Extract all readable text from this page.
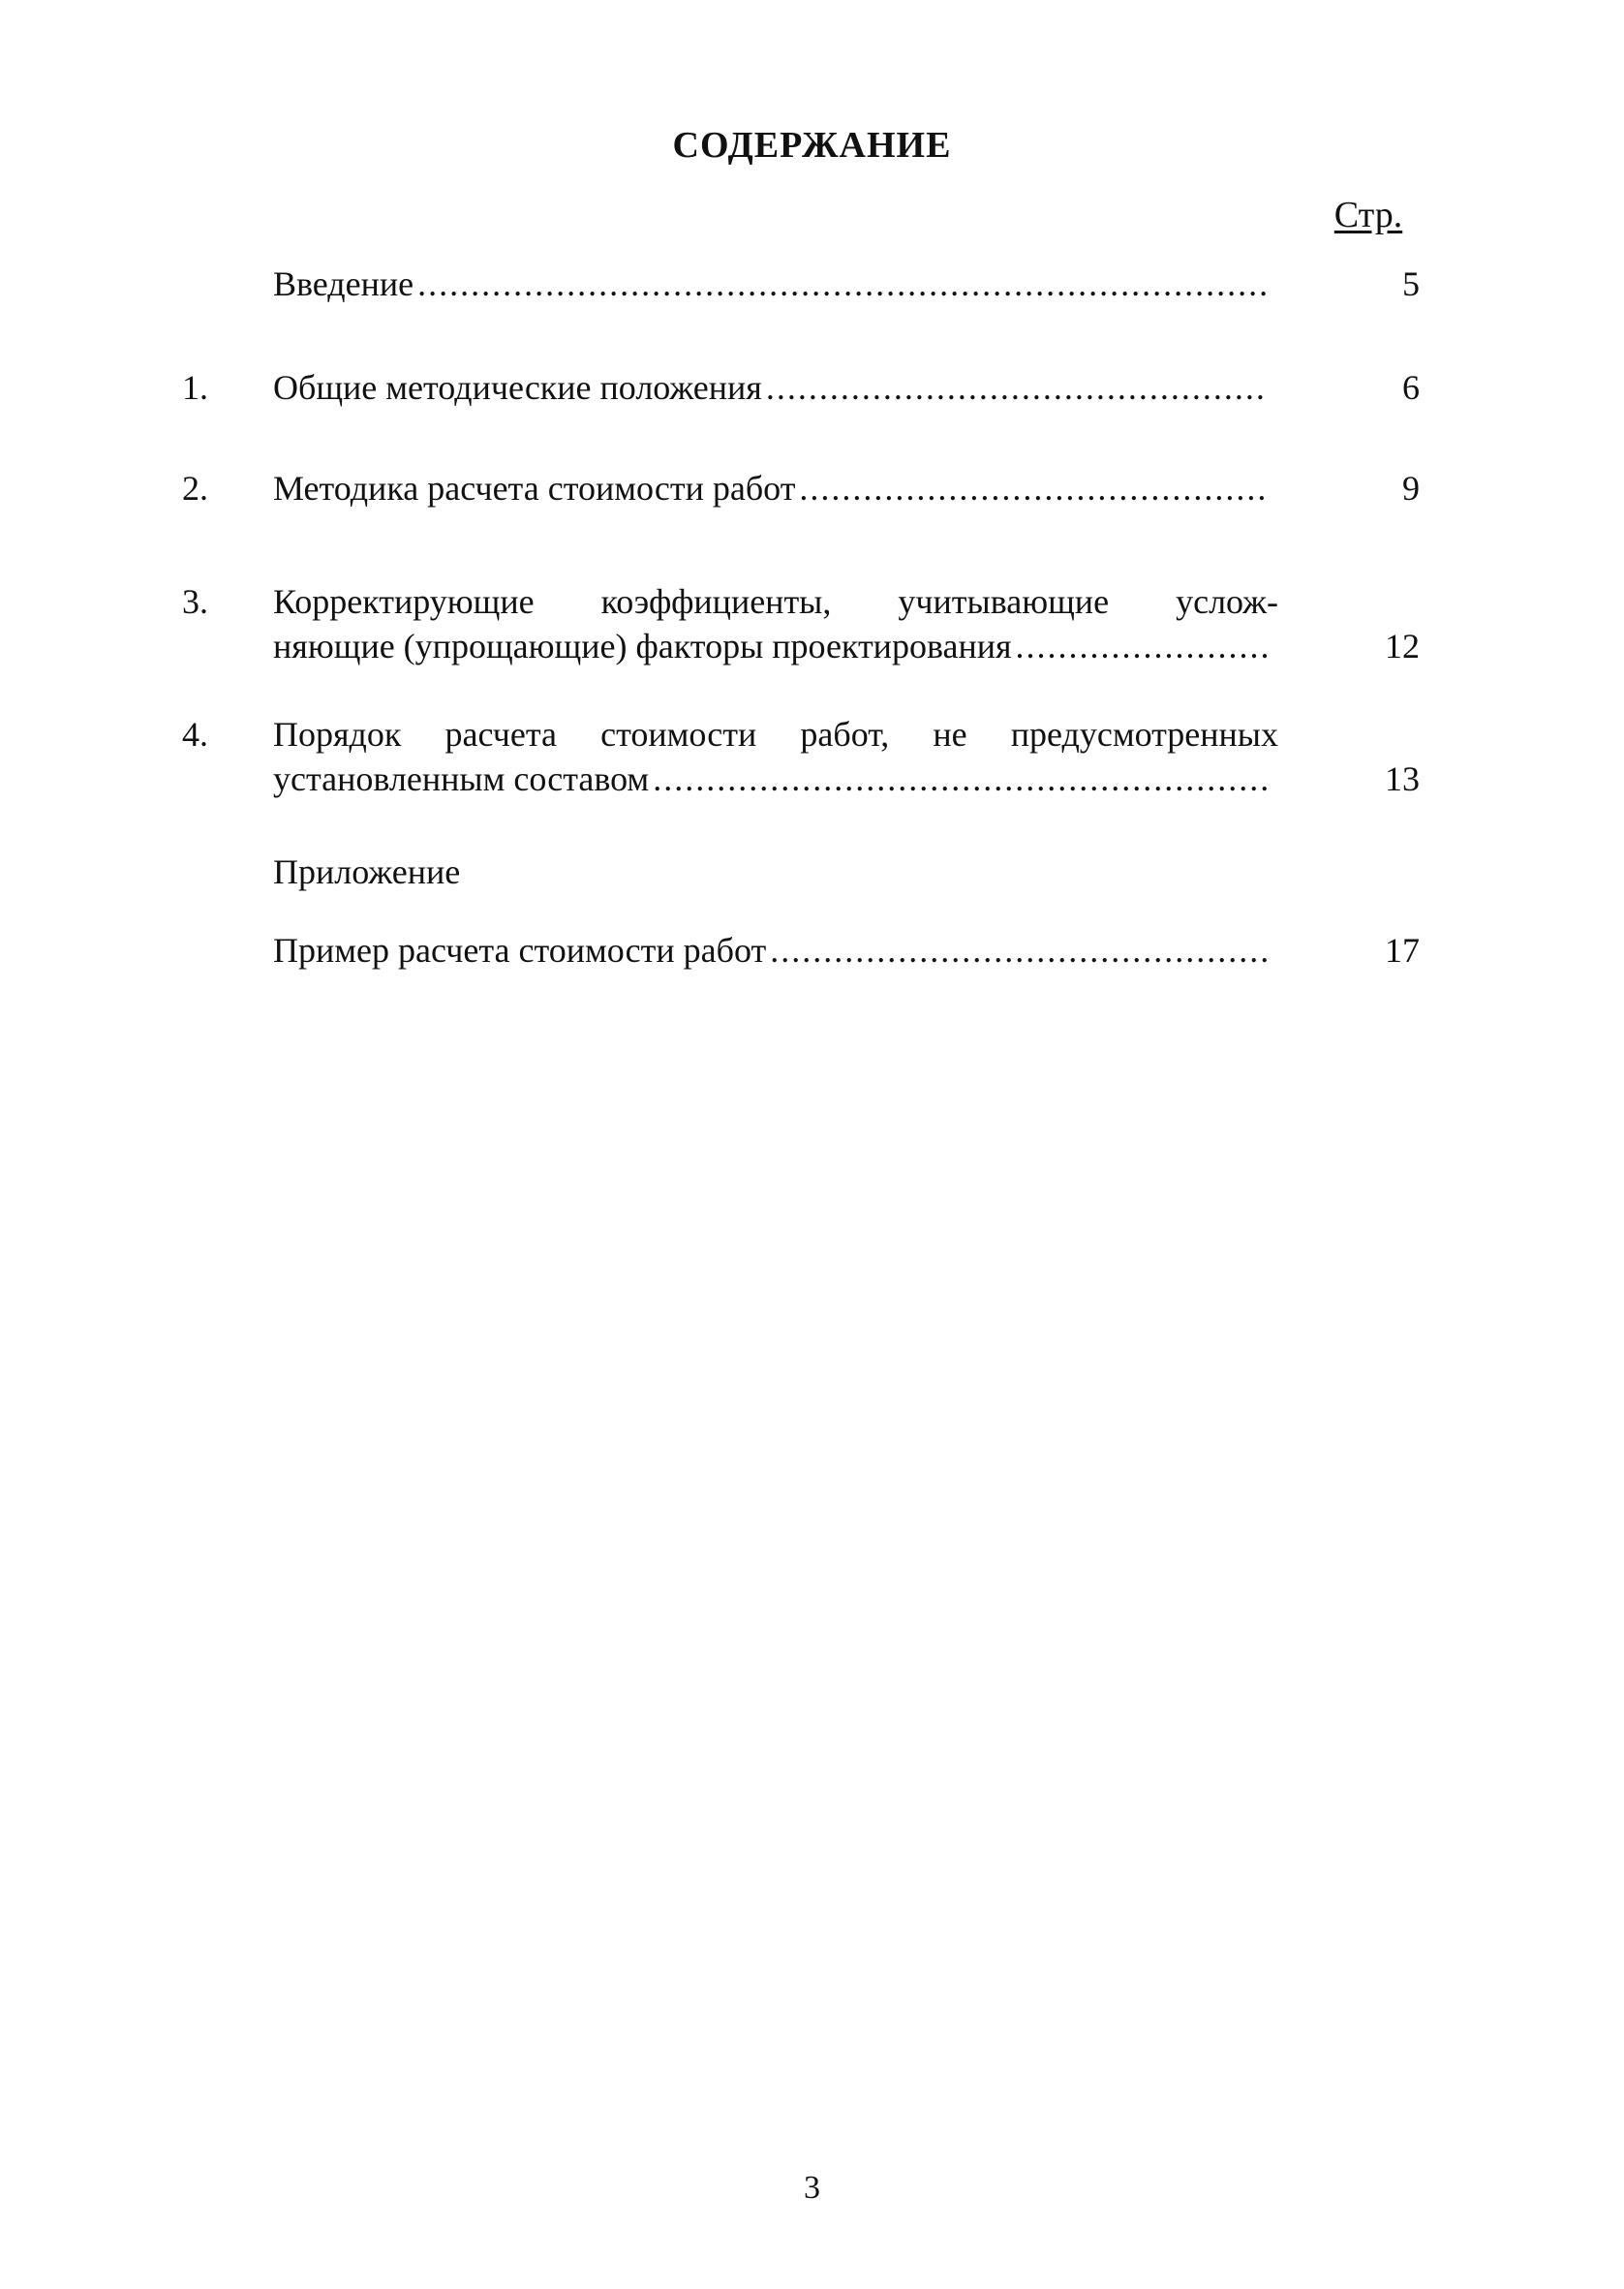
СОДЕРЖАНИЕ
Стр.
Введение .....	5
1. Общие методические положения .....	6
2. Методика расчета стоимости работ .....	9
3. Корректирующие коэффициенты, учитывающие услож-
няющие (упрощающие) факторы проектирования .....	12
4. Порядок расчета стоимости работ, не предусмотренных
установленным составом .....	13
Приложение
Пример расчета стоимости работ .....	17
3
